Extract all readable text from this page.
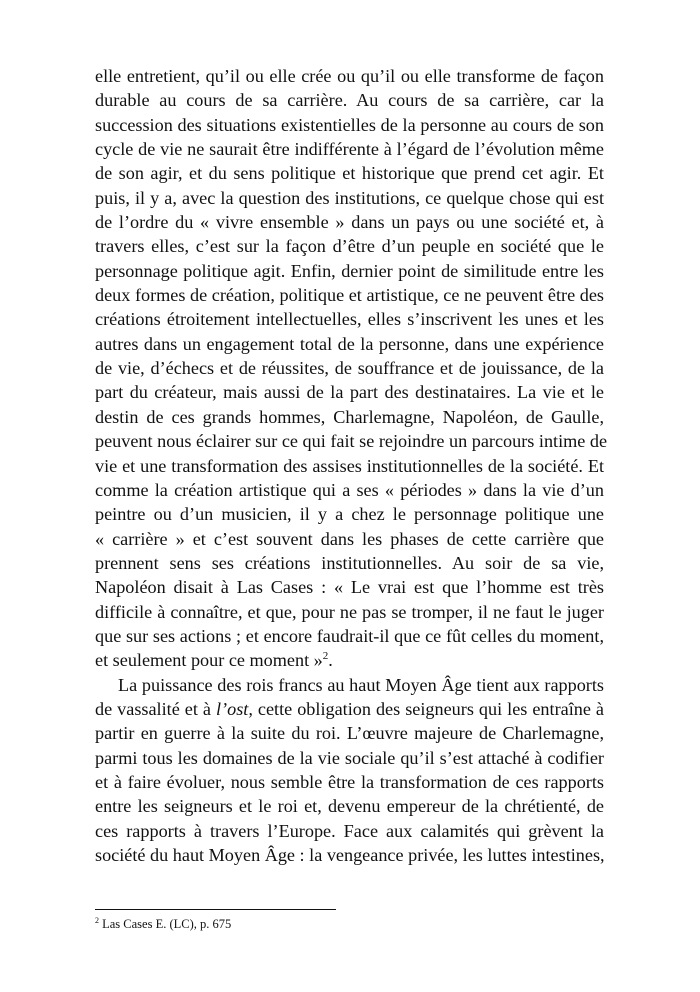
elle entretient, qu’il ou elle crée ou qu’il ou elle transforme de façon
durable au cours de sa carrière. Au cours de sa carrière, car la
succession des situations existentielles de la personne au cours de son
cycle de vie ne saurait être indifférente à l’égard de l’évolution même
de son agir, et du sens politique et historique que prend cet agir. Et
puis, il y a, avec la question des institutions, ce quelque chose qui est
de l’ordre du « vivre ensemble » dans un pays ou une société et, à
travers elles, c’est sur la façon d’être d’un peuple en société que le
personnage politique agit. Enfin, dernier point de similitude entre les
deux formes de création, politique et artistique, ce ne peuvent être des
créations étroitement intellectuelles, elles s’inscrivent les unes et les
autres dans un engagement total de la personne, dans une expérience
de vie, d’échecs et de réussites, de souffrance et de jouissance, de la
part du créateur, mais aussi de la part des destinataires. La vie et le
destin de ces grands hommes, Charlemagne, Napoléon, de Gaulle,
peuvent nous éclairer sur ce qui fait se rejoindre un parcours intime de
vie et une transformation des assises institutionnelles de la société. Et
comme la création artistique qui a ses « périodes » dans la vie d’un
peintre ou d’un musicien, il y a chez le personnage politique une
« carrière » et c’est souvent dans les phases de cette carrière que
prennent sens ses créations institutionnelles. Au soir de sa vie,
Napoléon disait à Las Cases : « Le vrai est que l’homme est très
difficile à connaître, et que, pour ne pas se tromper, il ne faut le juger
que sur ses actions ; et encore faudrait-il que ce fût celles du moment,
et seulement pour ce moment »$^2$.

La puissance des rois francs au haut Moyen Âge tient aux rapports
de vassalité et à l’ost, cette obligation des seigneurs qui les entraîne à
partir en guerre à la suite du roi. L’œuvre majeure de Charlemagne,
parmi tous les domaines de la vie sociale qu’il s’est attaché à codifier
et à faire évoluer, nous semble être la transformation de ces rapports
entre les seigneurs et le roi et, devenu empereur de la chrétienté, de
ces rapports à travers l’Europe. Face aux calamités qui grèvent la
société du haut Moyen Âge : la vengeance privée, les luttes intestines,

$^2$ Las Cases E. (LC), p. 675
